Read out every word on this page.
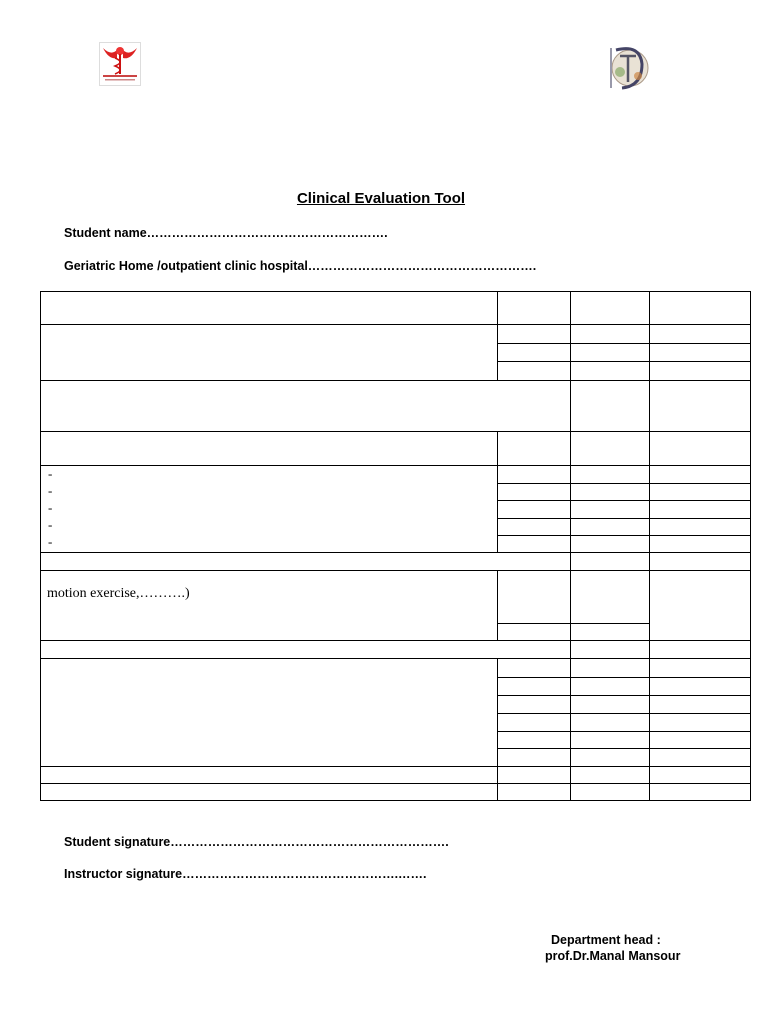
Clinical Evaluation Tool
Student name………………………………………………….
Geriatric Home /outpatient clinic hospital……………………………………………….
-
-
-
-
-
motion exercise,……….)
Student signature………………………………………………………….
Instructor signature…………………………………………….…….
Department head :
prof.Dr.Manal Mansour
